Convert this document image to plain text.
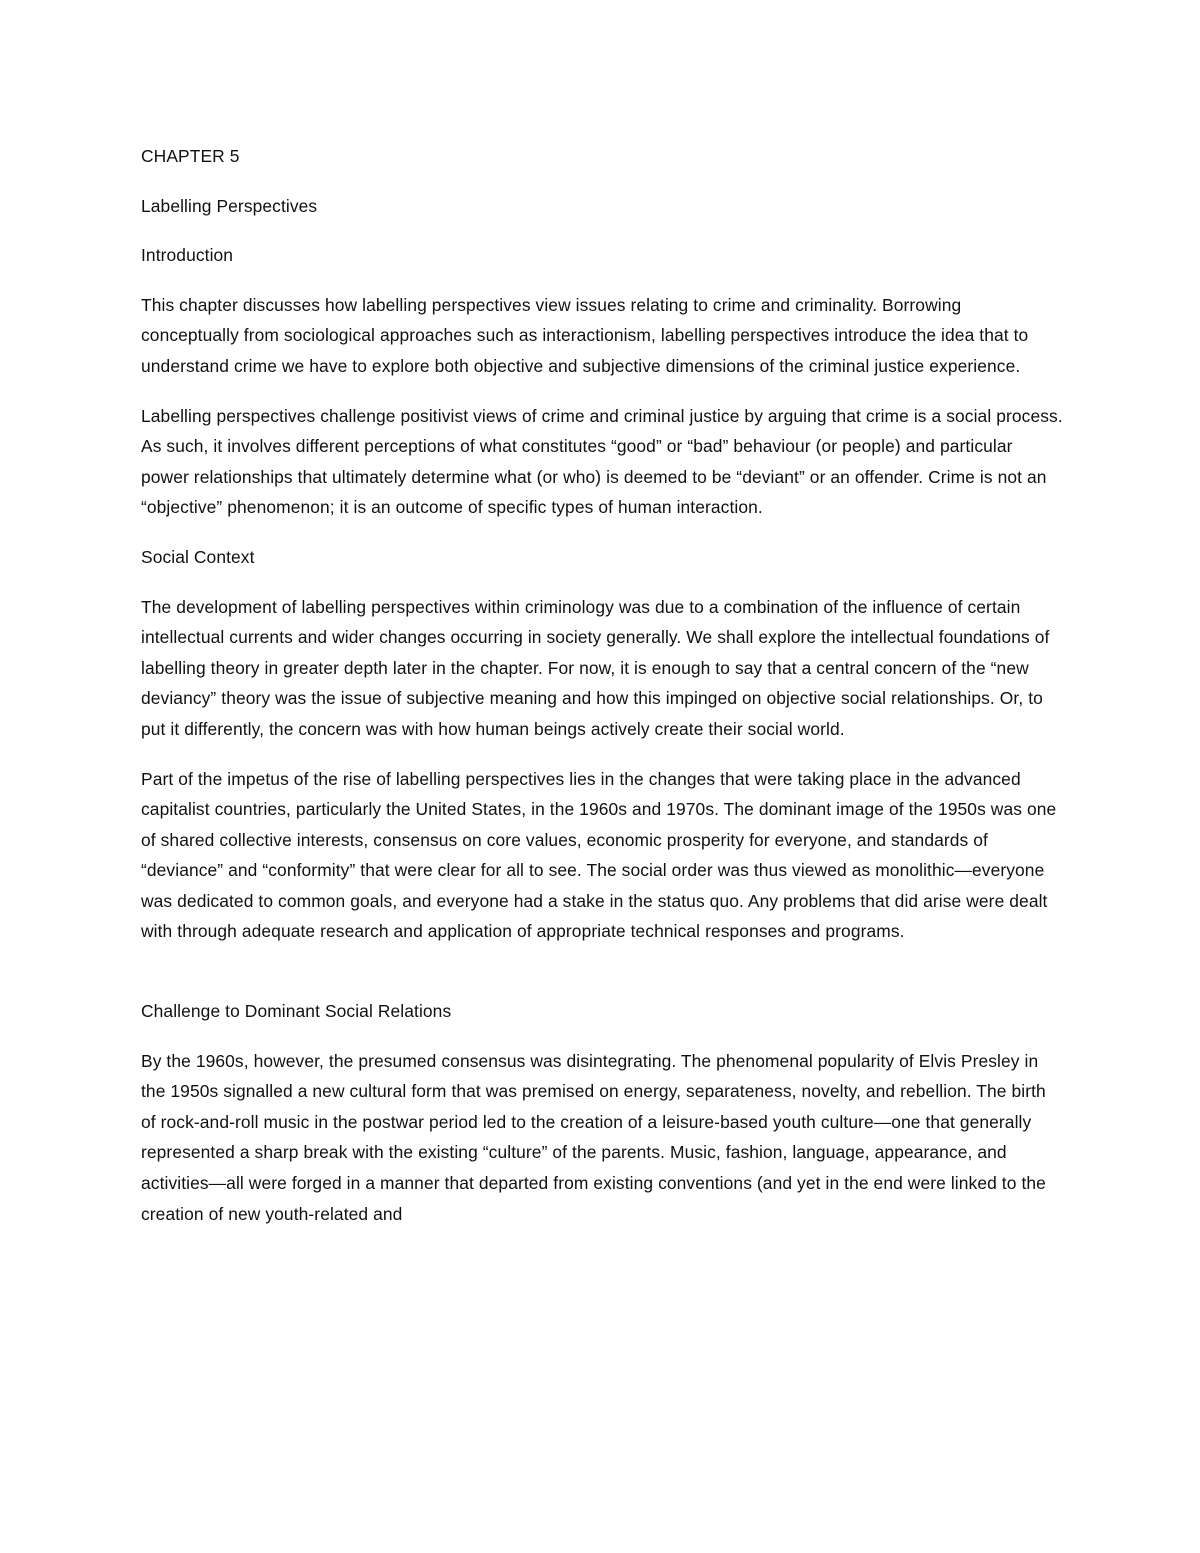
CHAPTER 5

Labelling Perspectives

Introduction

This chapter discusses how labelling perspectives view issues relating to crime and criminality. Borrowing conceptually from sociological approaches such as interactionism, labelling perspectives introduce the idea that to understand crime we have to explore both objective and subjective dimensions of the criminal justice experience.

Labelling perspectives challenge positivist views of crime and criminal justice by arguing that crime is a social process. As such, it involves different perceptions of what constitutes “good” or “bad” behaviour (or people) and particular power relationships that ultimately determine what (or who) is deemed to be “deviant” or an offender. Crime is not an “objective” phenomenon; it is an outcome of specific types of human interaction.

Social Context

The development of labelling perspectives within criminology was due to a combination of the influence of certain intellectual currents and wider changes occurring in society generally. We shall explore the intellectual foundations of labelling theory in greater depth later in the chapter. For now, it is enough to say that a central concern of the “new deviancy” theory was the issue of subjective meaning and how this impinged on objective social relationships. Or, to put it differently, the concern was with how human beings actively create their social world.

Part of the impetus of the rise of labelling perspectives lies in the changes that were taking place in the advanced capitalist countries, particularly the United States, in the 1960s and 1970s. The dominant image of the 1950s was one of shared collective interests, consensus on core values, economic prosperity for everyone, and standards of “deviance” and “conformity” that were clear for all to see. The social order was thus viewed as monolithic—everyone was dedicated to common goals, and everyone had a stake in the status quo. Any problems that did arise were dealt with through adequate research and application of appropriate technical responses and programs.

Challenge to Dominant Social Relations

By the 1960s, however, the presumed consensus was disintegrating. The phenomenal popularity of Elvis Presley in the 1950s signalled a new cultural form that was premised on energy, separateness, novelty, and rebellion. The birth of rock-and-roll music in the postwar period led to the creation of a leisure-based youth culture—one that generally represented a sharp break with the existing “culture” of the parents. Music, fashion, language, appearance, and activities—all were forged in a manner that departed from existing conventions (and yet in the end were linked to the creation of new youth-related and
